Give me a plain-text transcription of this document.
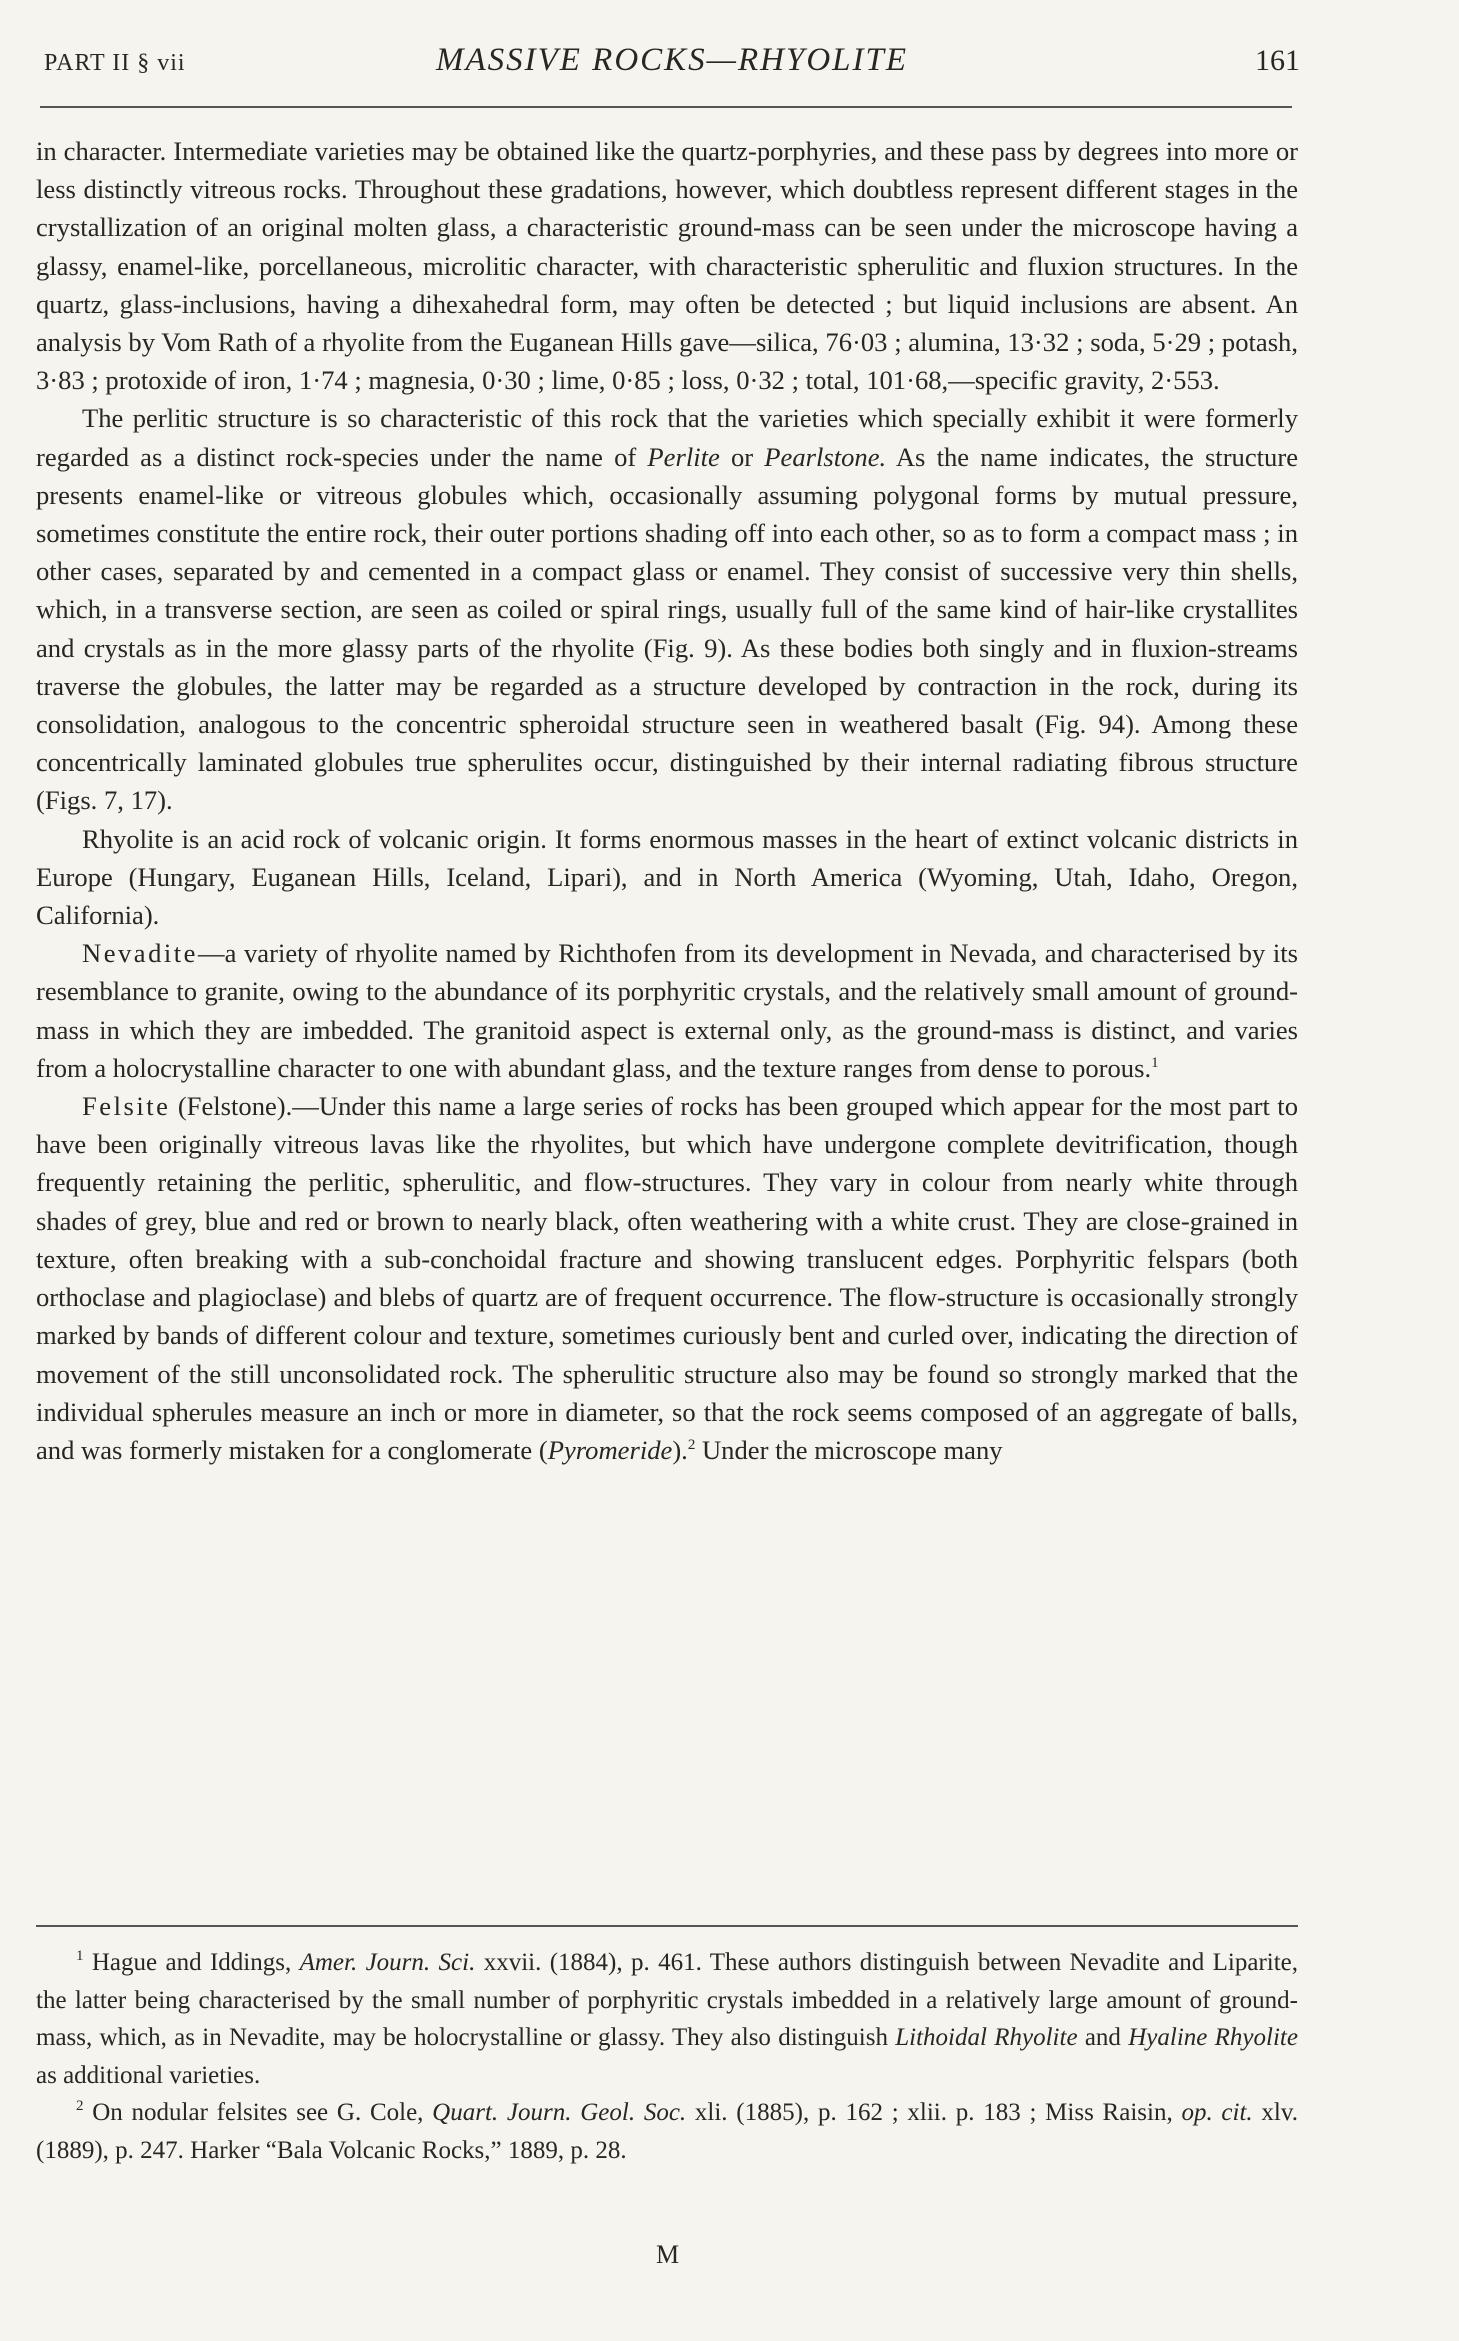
PART II § vii	MASSIVE ROCKS—RHYOLITE	161

in character. Intermediate varieties may be obtained like the quartz-porphyries, and these pass by degrees into more or less distinctly vitreous rocks. Throughout these gradations, however, which doubtless represent different stages in the crystallization of an original molten glass, a characteristic ground-mass can be seen under the microscope having a glassy, enamel-like, porcellaneous, microlitic character, with characteristic spherulitic and fluxion structures. In the quartz, glass-inclusions, having a dihexahedral form, may often be detected ; but liquid inclusions are absent. An analysis by Vom Rath of a rhyolite from the Euganean Hills gave—silica, 76·03 ; alumina, 13·32 ; soda, 5·29 ; potash, 3·83 ; protoxide of iron, 1·74 ; magnesia, 0·30 ; lime, 0·85 ; loss, 0·32 ; total, 101·68,—specific gravity, 2·553.

The perlitic structure is so characteristic of this rock that the varieties which specially exhibit it were formerly regarded as a distinct rock-species under the name of Perlite or Pearlstone. As the name indicates, the structure presents enamel-like or vitreous globules which, occasionally assuming polygonal forms by mutual pressure, sometimes constitute the entire rock, their outer portions shading off into each other, so as to form a compact mass ; in other cases, separated by and cemented in a compact glass or enamel. They consist of successive very thin shells, which, in a transverse section, are seen as coiled or spiral rings, usually full of the same kind of hair-like crystallites and crystals as in the more glassy parts of the rhyolite (Fig. 9). As these bodies both singly and in fluxion-streams traverse the globules, the latter may be regarded as a structure developed by contraction in the rock, during its consolidation, analogous to the concentric spheroidal structure seen in weathered basalt (Fig. 94). Among these concentrically laminated globules true spherulites occur, distinguished by their internal radiating fibrous structure (Figs. 7, 17).

Rhyolite is an acid rock of volcanic origin. It forms enormous masses in the heart of extinct volcanic districts in Europe (Hungary, Euganean Hills, Iceland, Lipari), and in North America (Wyoming, Utah, Idaho, Oregon, California).

Nevadite—a variety of rhyolite named by Richthofen from its development in Nevada, and characterised by its resemblance to granite, owing to the abundance of its porphyritic crystals, and the relatively small amount of ground-mass in which they are imbedded. The granitoid aspect is external only, as the ground-mass is distinct, and varies from a holocrystalline character to one with abundant glass, and the texture ranges from dense to porous.$^1$

Felsite (Felstone).—Under this name a large series of rocks has been grouped which appear for the most part to have been originally vitreous lavas like the rhyolites, but which have undergone complete devitrification, though frequently retaining the perlitic, spherulitic, and flow-structures. They vary in colour from nearly white through shades of grey, blue and red or brown to nearly black, often weathering with a white crust. They are close-grained in texture, often breaking with a sub-conchoidal fracture and showing translucent edges. Porphyritic felspars (both orthoclase and plagioclase) and blebs of quartz are of frequent occurrence. The flow-structure is occasionally strongly marked by bands of different colour and texture, sometimes curiously bent and curled over, indicating the direction of movement of the still unconsolidated rock. The spherulitic structure also may be found so strongly marked that the individual spherules measure an inch or more in diameter, so that the rock seems composed of an aggregate of balls, and was formerly mistaken for a conglomerate (Pyromeride).$^2$ Under the microscope many

$^1$ Hague and Iddings, Amer. Journ. Sci. xxvii. (1884), p. 461. These authors distinguish between Nevadite and Liparite, the latter being characterised by the small number of porphyritic crystals imbedded in a relatively large amount of ground-mass, which, as in Nevadite, may be holocrystalline or glassy. They also distinguish Lithoidal Rhyolite and Hyaline Rhyolite as additional varieties.

$^2$ On nodular felsites see G. Cole, Quart. Journ. Geol. Soc. xli. (1885), p. 162 ; xlii. p. 183 ; Miss Raisin, op. cit. xlv. (1889), p. 247. Harker “Bala Volcanic Rocks,” 1889, p. 28.

M
